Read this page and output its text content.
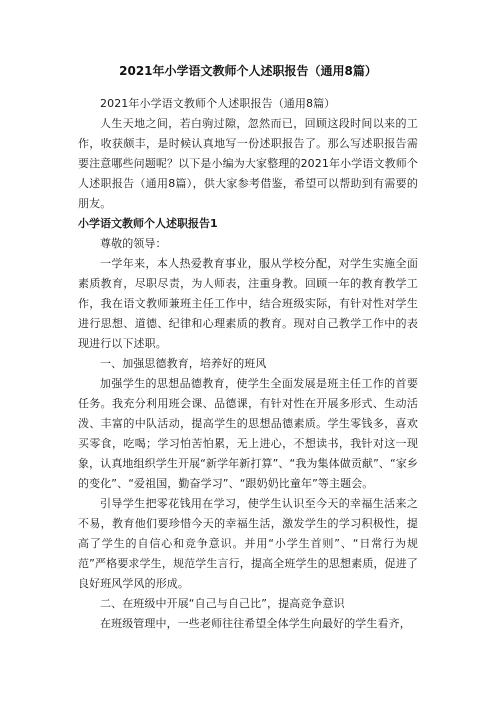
2021年小学语文教师个人述职报告（通用8篇）

2021年小学语文教师个人述职报告（通用8篇）

人生天地之间，若白驹过隙，忽然而已，回顾这段时间以来的工作，收获颇丰，是时候认真地写一份述职报告了。那么写述职报告需要注意哪些问题呢？以下是小编为大家整理的2021年小学语文教师个人述职报告（通用8篇），供大家参考借鉴，希望可以帮助到有需要的朋友。

小学语文教师个人述职报告1

尊敬的领导：

一学年来，本人热爱教育事业，服从学校分配，对学生实施全面素质教育，尽职尽责，为人师表，注重身教。回顾一年的教育教学工作，我在语文教师兼班主任工作中，结合班级实际，有针对性对学生进行思想、道德、纪律和心理素质的教育。现对自己教学工作中的表现进行以下述职。

一、加强思德教育，培养好的班风

加强学生的思想品德教育，使学生全面发展是班主任工作的首要任务。我充分利用班会课、品德课，有针对性在开展多形式、生动活泼、丰富的中队活动，提高学生的思想品德素质。学生零钱多，喜欢买零食，吃喝；学习怕苦怕累，无上进心，不想读书，我针对这一现象，认真地组织学生开展“新学年新打算”、“我为集体做贡献”、“家乡的变化”、“爱祖国，勤奋学习”、“跟奶奶比童年”等主题会。

引导学生把零花钱用在学习，使学生认识至今天的幸福生活来之不易，教育他们要珍惜今天的幸福生活，激发学生的学习积极性，提高了学生的自信心和竞争意识。并用“小学生首则”、“日常行为规范”严格要求学生，规范学生言行，提高全班学生的思想素质，促进了良好班风学风的形成。

二、在班级中开展“自己与自己比”，提高竞争意识

在班级管理中，一些老师往往希望全体学生向最好的学生看齐，
